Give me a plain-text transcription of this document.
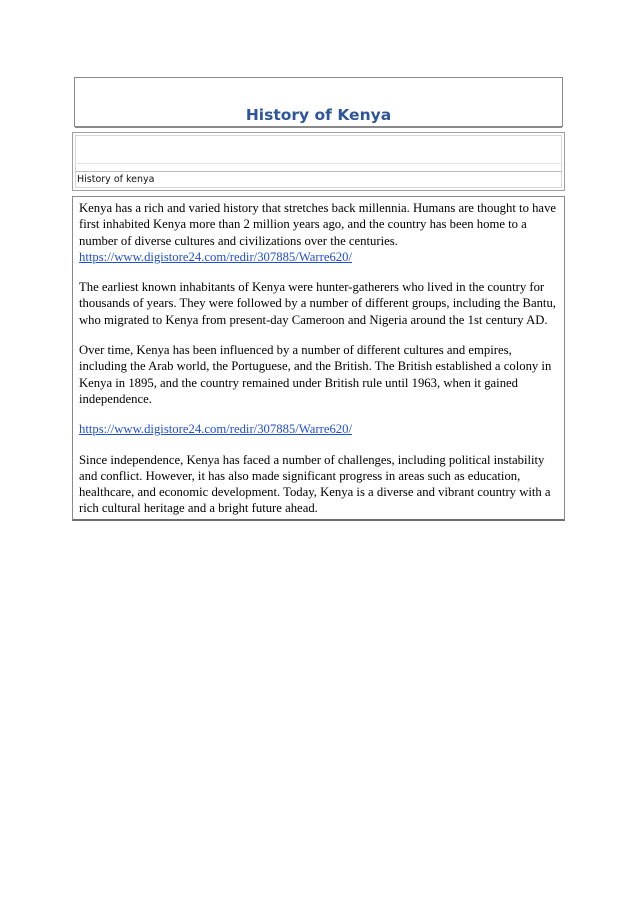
History of Kenya
History of kenya

Kenya has a rich and varied history that stretches back millennia. Humans are thought to have first inhabited Kenya more than 2 million years ago, and the country has been home to a number of diverse cultures and civilizations over the centuries.
https://www.digistore24.com/redir/307885/Warre620/

The earliest known inhabitants of Kenya were hunter-gatherers who lived in the country for thousands of years. They were followed by a number of different groups, including the Bantu, who migrated to Kenya from present-day Cameroon and Nigeria around the 1st century AD.

Over time, Kenya has been influenced by a number of different cultures and empires, including the Arab world, the Portuguese, and the British. The British established a colony in Kenya in 1895, and the country remained under British rule until 1963, when it gained independence.

https://www.digistore24.com/redir/307885/Warre620/

Since independence, Kenya has faced a number of challenges, including political instability and conflict. However, it has also made significant progress in areas such as education, healthcare, and economic development. Today, Kenya is a diverse and vibrant country with a rich cultural heritage and a bright future ahead.
